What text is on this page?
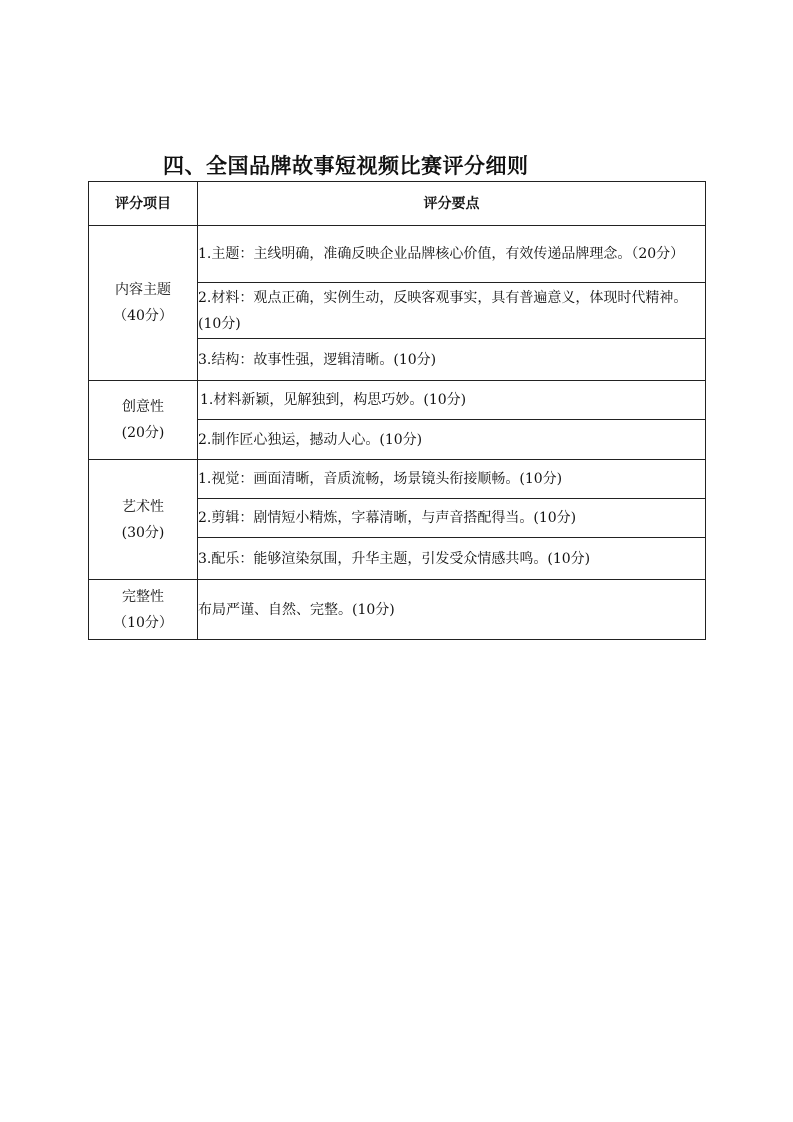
四、全国品牌故事短视频比赛评分细则
评分项目	评分要点

内容主题
（40分）	1.主题：主线明确，准确反映企业品牌核心价值，有效传递品牌理念。（20分）
	2.材料：观点正确，实例生动，反映客观事实，具有普遍意义，体现时代精神。(10分)
	3.结构：故事性强，逻辑清晰。(10分)

创意性
(20分)	1.材料新颖，见解独到，构思巧妙。(10分)
	2.制作匠心独运，撼动人心。(10分)

艺术性
(30分)	1.视觉：画面清晰，音质流畅，场景镜头衔接顺畅。(10分)
	2.剪辑：剧情短小精炼，字幕清晰，与声音搭配得当。(10分)
	3.配乐：能够渲染氛围，升华主题，引发受众情感共鸣。(10分)

完整性
（10分）	布局严谨、自然、完整。(10分)
